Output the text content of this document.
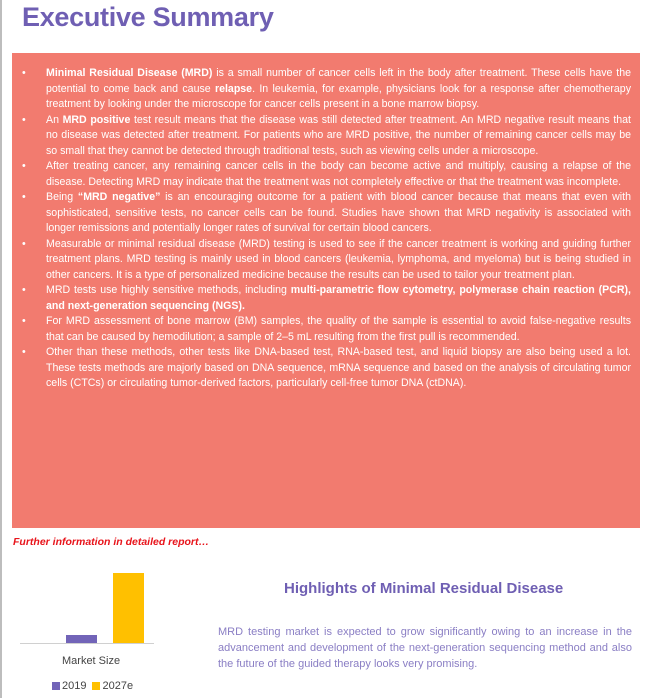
Executive Summary
• Minimal Residual Disease (MRD) is a small number of cancer cells left in the body after treatment. These cells have the potential to come back and cause relapse. In leukemia, for example, physicians look for a response after chemotherapy treatment by looking under the microscope for cancer cells present in a bone marrow biopsy.
• An MRD positive test result means that the disease was still detected after treatment. An MRD negative result means that no disease was detected after treatment. For patients who are MRD positive, the number of remaining cancer cells may be so small that they cannot be detected through traditional tests, such as viewing cells under a microscope.
• After treating cancer, any remaining cancer cells in the body can become active and multiply, causing a relapse of the disease. Detecting MRD may indicate that the treatment was not completely effective or that the treatment was incomplete.
• Being “MRD negative” is an encouraging outcome for a patient with blood cancer because that means that even with sophisticated, sensitive tests, no cancer cells can be found. Studies have shown that MRD negativity is associated with longer remissions and potentially longer rates of survival for certain blood cancers.
• Measurable or minimal residual disease (MRD) testing is used to see if the cancer treatment is working and guiding further treatment plans. MRD testing is mainly used in blood cancers (leukemia, lymphoma, and myeloma) but is being studied in other cancers. It is a type of personalized medicine because the results can be used to tailor your treatment plan.
• MRD tests use highly sensitive methods, including multi-parametric flow cytometry, polymerase chain reaction (PCR), and next-generation sequencing (NGS).
• For MRD assessment of bone marrow (BM) samples, the quality of the sample is essential to avoid false-negative results that can be caused by hemodilution; a sample of 2–5 mL resulting from the first pull is recommended.
• Other than these methods, other tests like DNA-based test, RNA-based test, and liquid biopsy are also being used a lot. These tests methods are majorly based on DNA sequence, mRNA sequence and based on the analysis of circulating tumor cells (CTCs) or circulating tumor-derived factors, particularly cell-free tumor DNA (ctDNA).
Further information in detailed report…
Market Size
2019	2027e
Highlights of Minimal Residual Disease
MRD testing market is expected to grow significantly owing to an increase in the advancement and development of the next-generation sequencing method and also the future of the guided therapy looks very promising.
